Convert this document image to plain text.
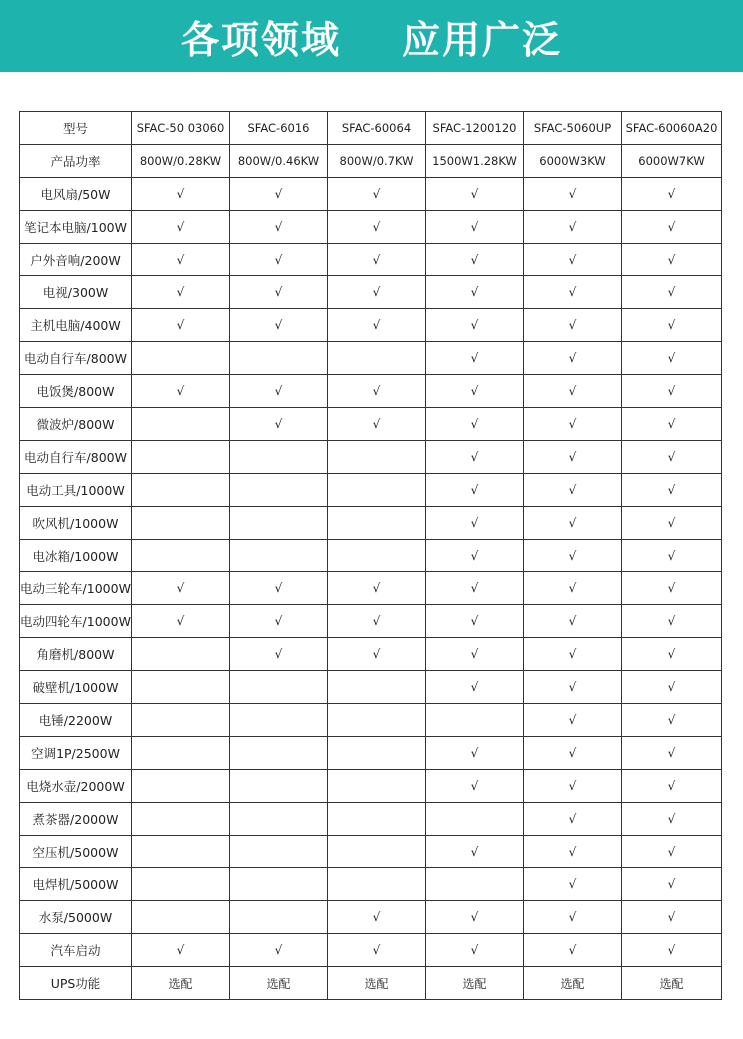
各项领域    应用广泛
型号	SFAC-50 03060	SFAC-6016	SFAC-60064	SFAC-1200120	SFAC-5060UP	SFAC-60060A20
产品功率	800W/0.28KW	800W/0.46KW	800W/0.7KW	1500W1.28KW	6000W3KW	6000W7KW
电风扇/50W	√	√	√	√	√	√
笔记本电脑/100W	√	√	√	√	√	√
户外音响/200W	√	√	√	√	√	√
电视/300W	√	√	√	√	√	√
主机电脑/400W	√	√	√	√	√	√
电动自行车/800W				√	√	√
电饭煲/800W	√	√	√	√	√	√
微波炉/800W		√	√	√	√	√
电动自行车/800W				√	√	√
电动工具/1000W				√	√	√
吹风机/1000W				√	√	√
电冰箱/1000W				√	√	√
电动三轮车/1000W	√	√	√	√	√	√
电动四轮车/1000W	√	√	√	√	√	√
角磨机/800W		√	√	√	√	√
破壁机/1000W				√	√	√
电锤/2200W					√	√
空调1P/2500W				√	√	√
电烧水壶/2000W				√	√	√
煮茶器/2000W					√	√
空压机/5000W				√	√	√
电焊机/5000W					√	√
水泵/5000W			√	√	√	√
汽车启动	√	√	√	√	√	√
UPS功能	选配	选配	选配	选配	选配	选配
